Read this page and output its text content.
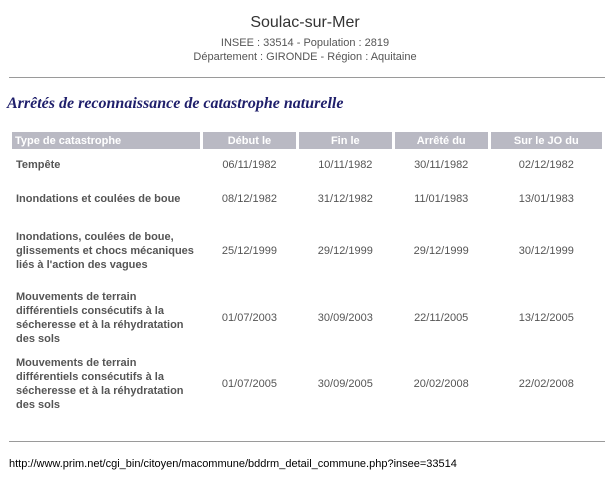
Soulac-sur-Mer
INSEE : 33514 - Population : 2819
Département : GIRONDE - Région : Aquitaine
Arrêtés de reconnaissance de catastrophe naturelle
Type de catastrophe	Début le	Fin le	Arrêté du	Sur le JO du
Tempête	06/11/1982	10/11/1982	30/11/1982	02/12/1982
Inondations et coulées de boue	08/12/1982	31/12/1982	11/01/1983	13/01/1983
Inondations, coulées de boue, glissements et chocs mécaniques liés à l'action des vagues	25/12/1999	29/12/1999	29/12/1999	30/12/1999
Mouvements de terrain différentiels consécutifs à la sécheresse et à la réhydratation des sols	01/07/2003	30/09/2003	22/11/2005	13/12/2005
Mouvements de terrain différentiels consécutifs à la sécheresse et à la réhydratation des sols	01/07/2005	30/09/2005	20/02/2008	22/02/2008
http://www.prim.net/cgi_bin/citoyen/macommune/bddrm_detail_commune.php?insee=33514
